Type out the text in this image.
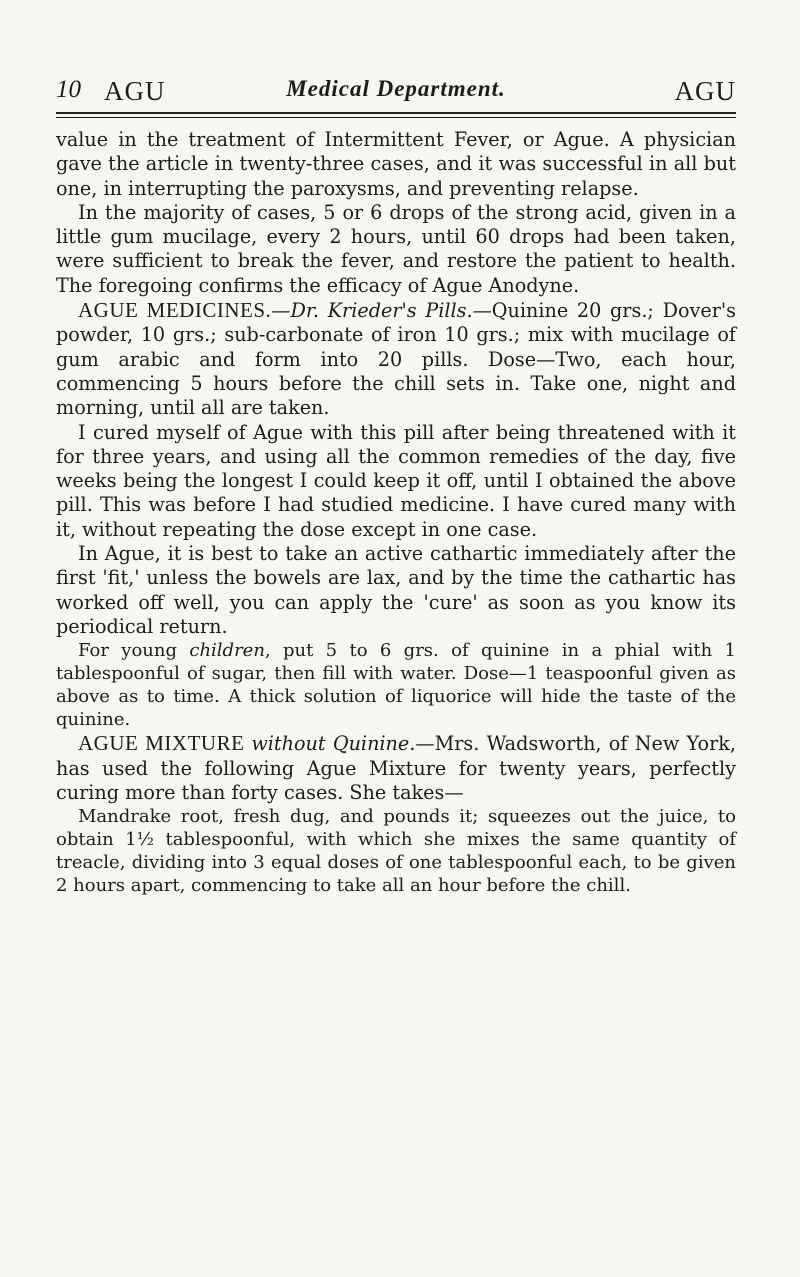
10 AGU	Medical Department.	AGU

value in the treatment of Intermittent Fever, or Ague. A physician gave the article in twenty-three cases, and it was successful in all but one, in interrupting the paroxysms, and preventing relapse.

In the majority of cases, 5 or 6 drops of the strong acid, given in a little gum mucilage, every 2 hours, until 60 drops had been taken, were sufficient to break the fever, and restore the patient to health. The foregoing confirms the efficacy of Ague Anodyne.

AGUE MEDICINES.—Dr. Krieder's Pills.—Quinine 20 grs.; Dover's powder, 10 grs.; sub-carbonate of iron 10 grs.; mix with mucilage of gum arabic and form into 20 pills. Dose—Two, each hour, commencing 5 hours before the chill sets in. Take one, night and morning, until all are taken.

I cured myself of Ague with this pill after being threatened with it for three years, and using all the common remedies of the day, five weeks being the longest I could keep it off, until I obtained the above pill. This was before I had studied medicine. I have cured many with it, without repeating the dose except in one case.

In Ague, it is best to take an active cathartic immediately after the first 'fit,' unless the bowels are lax, and by the time the cathartic has worked off well, you can apply the 'cure' as soon as you know its periodical return.

For young children, put 5 to 6 grs. of quinine in a phial with 1 tablespoonful of sugar, then fill with water. Dose—1 teaspoonful given as above as to time. A thick solution of liquorice will hide the taste of the quinine.

AGUE MIXTURE without Quinine.—Mrs. Wadsworth, of New York, has used the following Ague Mixture for twenty years, perfectly curing more than forty cases. She takes—

Mandrake root, fresh dug, and pounds it; squeezes out the juice, to obtain 1½ tablespoonful, with which she mixes the same quantity of treacle, dividing into 3 equal doses of one tablespoonful each, to be given 2 hours apart, commencing to take all an hour before the chill.
